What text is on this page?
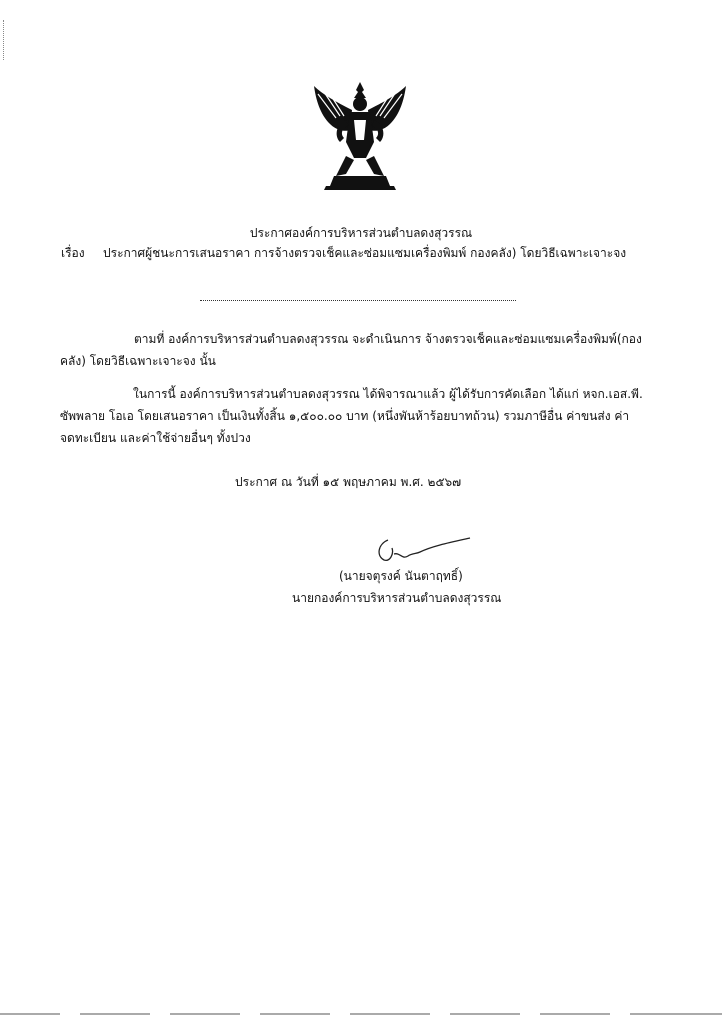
ประกาศองค์การบริหารส่วนตำบลดงสุวรรณ
เรื่อง ประกาศผู้ชนะการเสนอราคา การจ้างตรวจเช็คและซ่อมแซมเครื่องพิมพ์ กองคลัง) โดยวิธีเฉพาะเจาะจง
ตามที่ องค์การบริหารส่วนตำบลดงสุวรรณ จะดำเนินการ จ้างตรวจเช็คและซ่อมแซมเครื่องพิมพ์(กอง
คลัง) โดยวิธีเฉพาะเจาะจง นั้น
ในการนี้ องค์การบริหารส่วนตำบลดงสุวรรณ ได้พิจารณาแล้ว ผู้ได้รับการคัดเลือก ได้แก่ หจก.เอส.พี.
ซัพพลาย โอเอ โดยเสนอราคา เป็นเงินทั้งสิ้น ๑,๕๐๐.๐๐ บาท (หนึ่งพันห้าร้อยบาทถ้วน) รวมภาษีอื่น ค่าขนส่ง ค่า
จดทะเบียน และค่าใช้จ่ายอื่นๆ ทั้งปวง
ประกาศ ณ วันที่ ๑๕ พฤษภาคม พ.ศ. ๒๕๖๗
(นายจตุรงค์ นันตาฤทธิ์)
นายกองค์การบริหารส่วนตำบลดงสุวรรณ
